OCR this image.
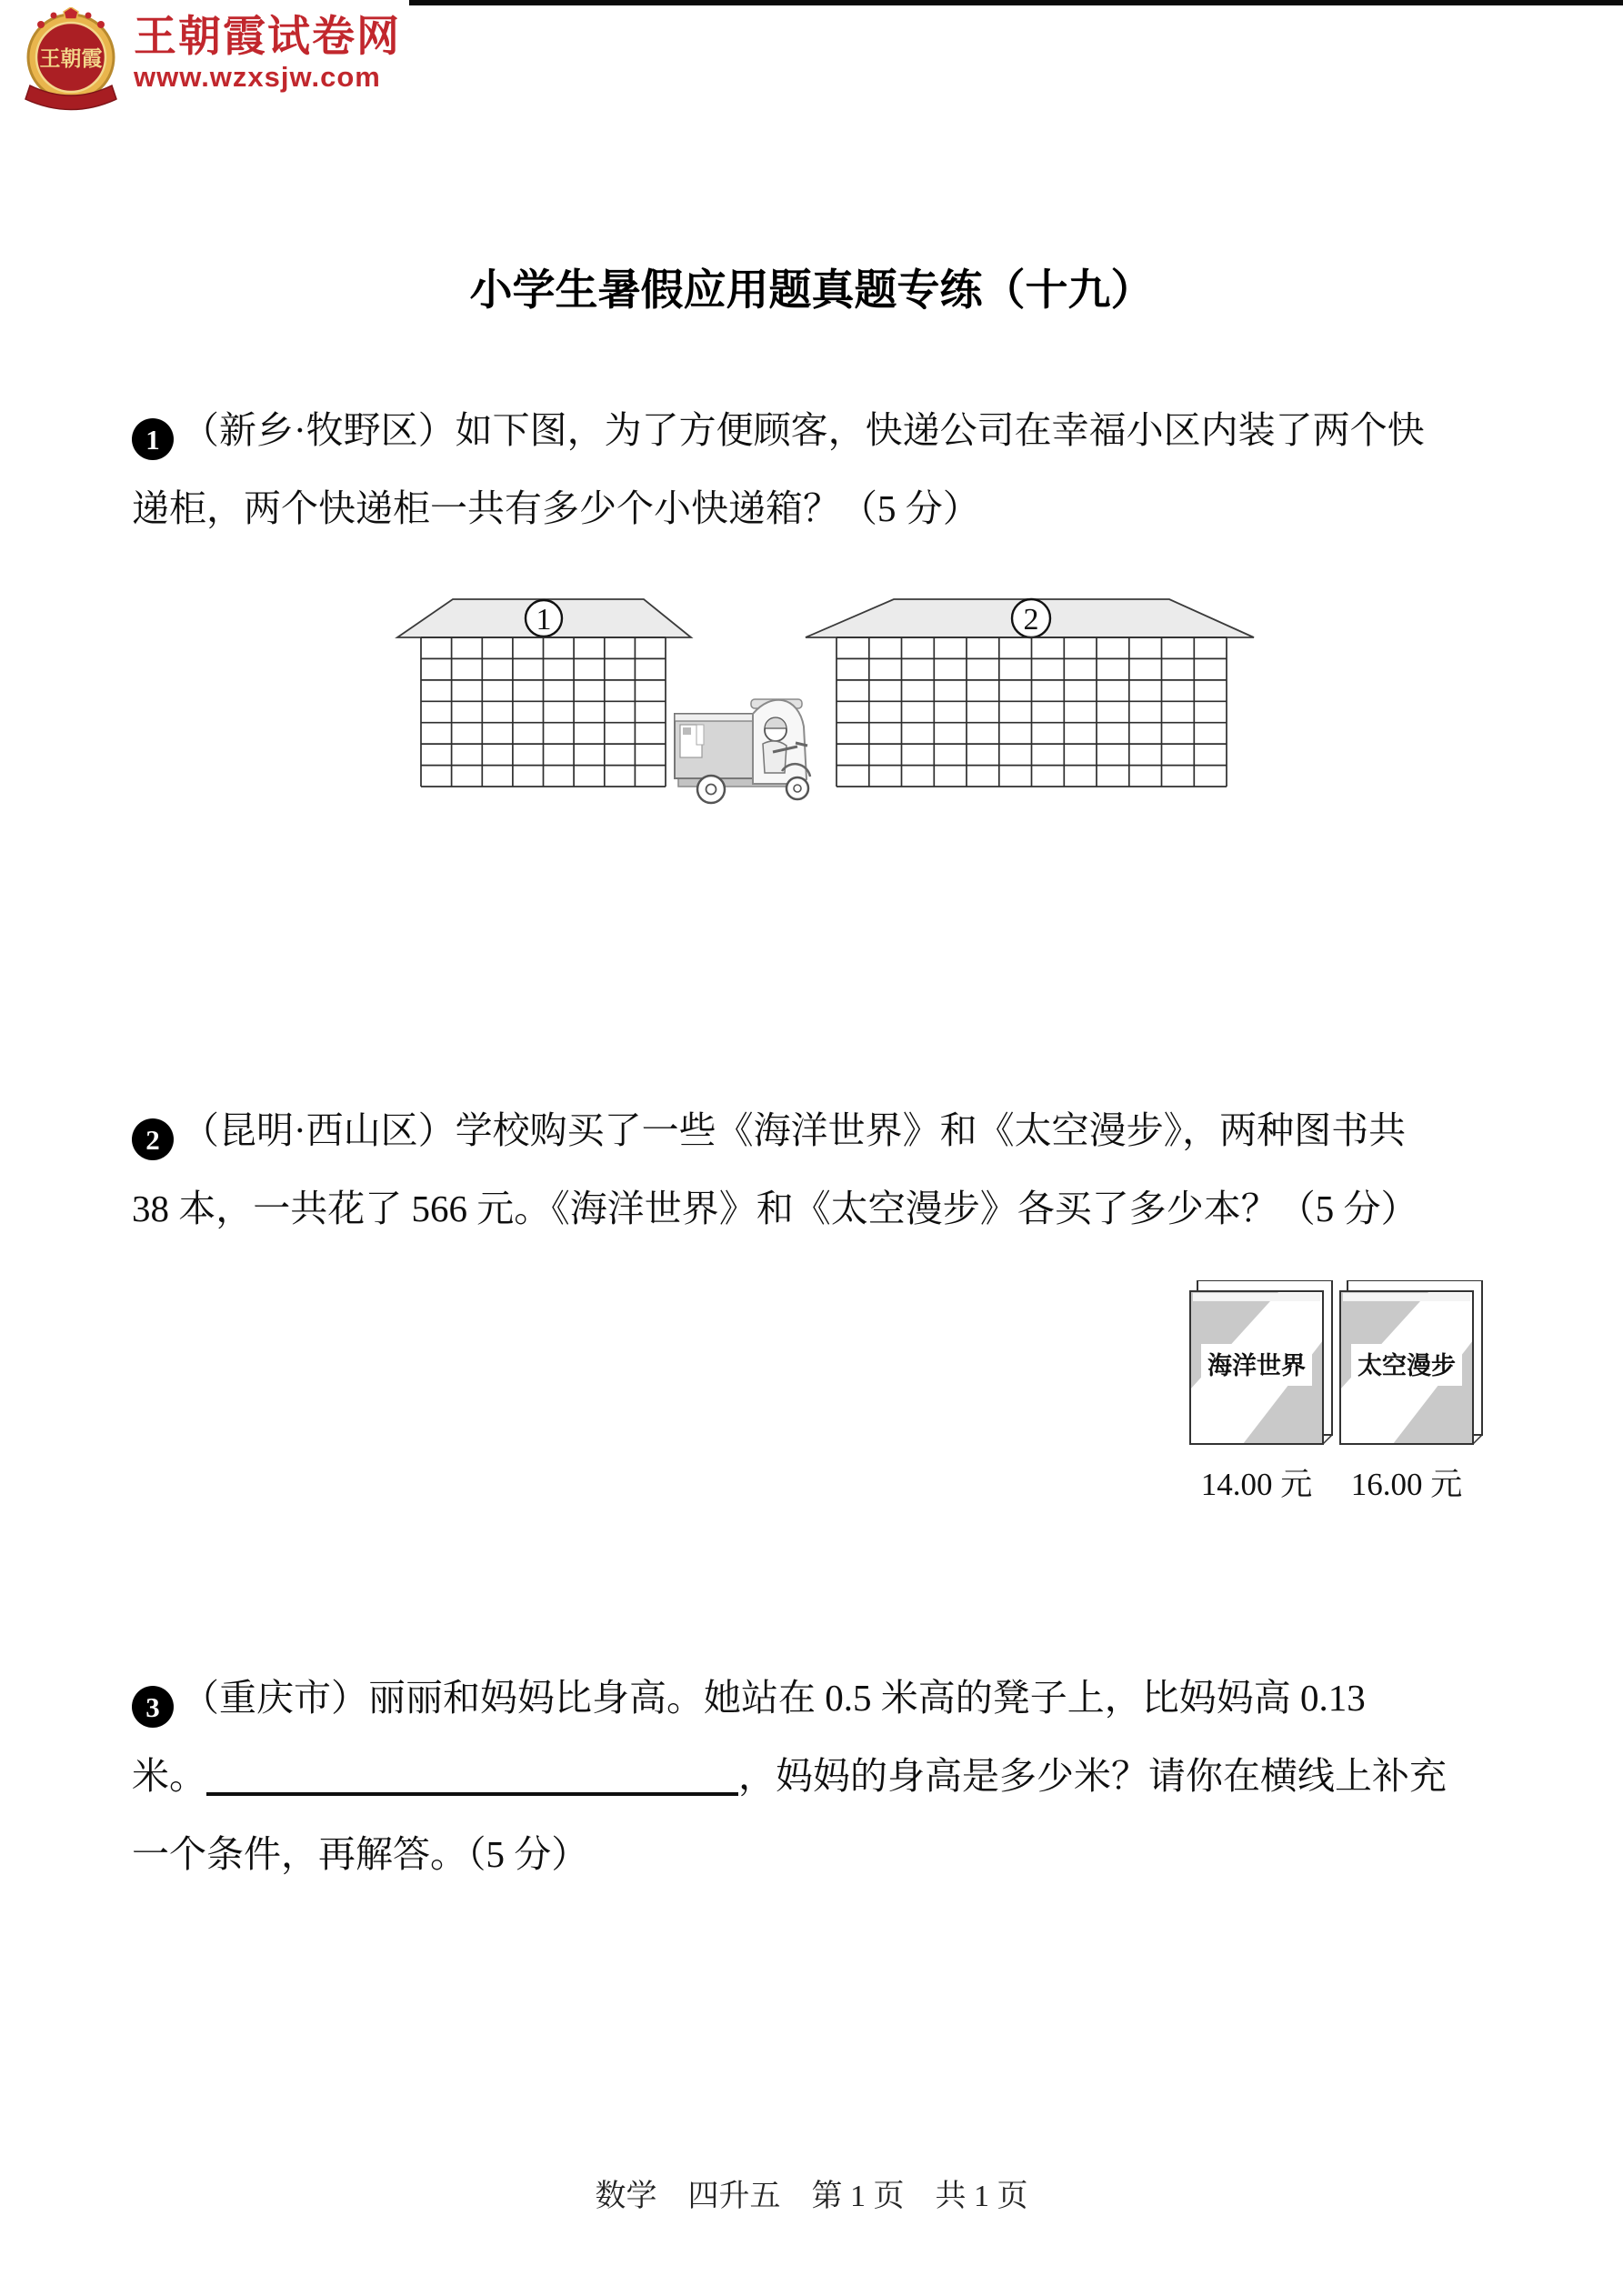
王朝霞 王朝霞试卷网
www.wzxsjw.com
小学生暑假应用题真题专练（十九）
1 （新乡·牧野区）如下图，为了方便顾客，快递公司在幸福小区内装了两个快
递柜，两个快递柜一共有多少个小快递箱？（5 分）
1	2
2 （昆明·西山区）学校购买了一些《海洋世界》和《太空漫步》，两种图书共
38 本，一共花了 566 元。《海洋世界》和《太空漫步》各买了多少本？（5 分）
海洋世界
14.00 元
太空漫步
16.00 元
3 （重庆市）丽丽和妈妈比身高。她站在 0.5 米高的凳子上，比妈妈高 0.13
米。	，妈妈的身高是多少米？请你在横线上补充
一个条件，再解答。（5 分）
数学　四升五　第 1 页　共 1 页
